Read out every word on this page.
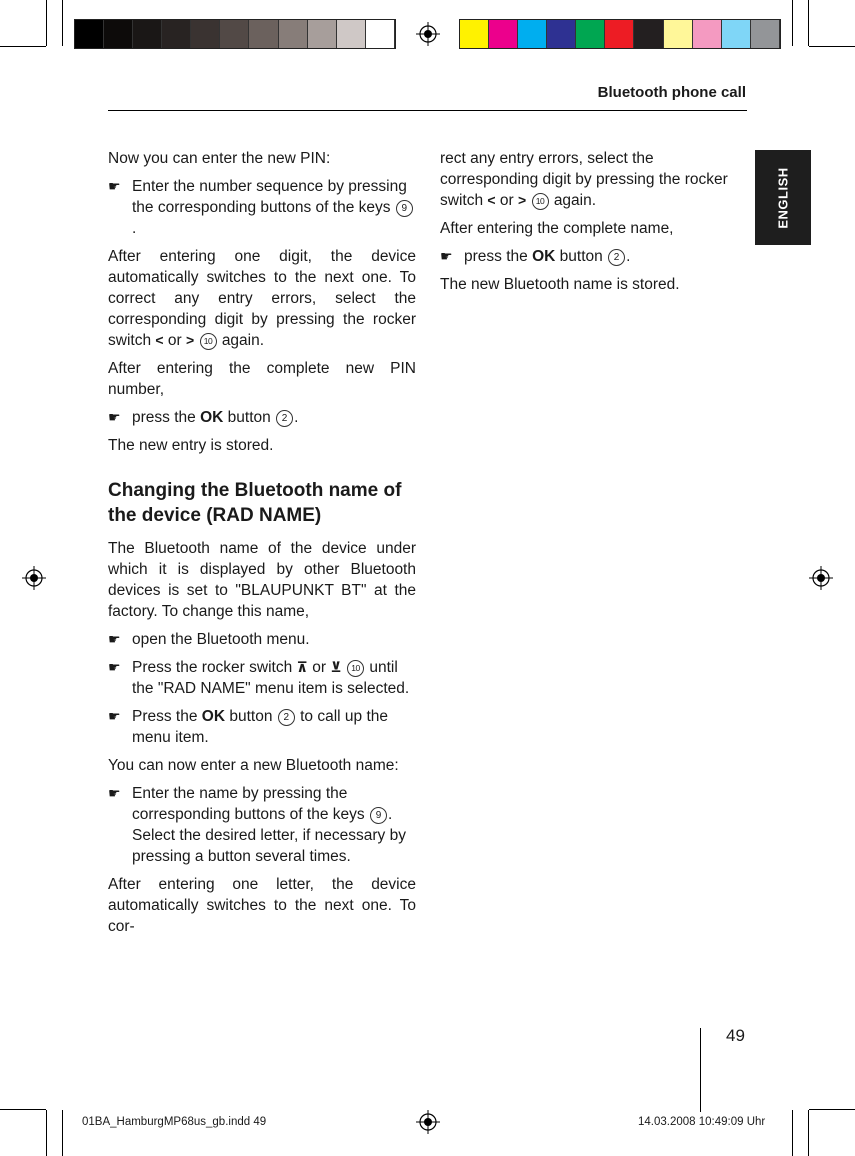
Bluetooth phone call
ENGLISH

Now you can enter the new PIN:

☛ Enter the number sequence by pressing the corresponding buttons of the keys 9.

After entering one digit, the device automatically switches to the next one. To correct any entry errors, select the corresponding digit by pressing the rocker switch < or > 10 again.

After entering the complete new PIN number,

☛ press the OK button 2 .

The new entry is stored.

Changing the Bluetooth name of the device (RAD NAME)

The Bluetooth name of the device under which it is displayed by other Bluetooth devices is set to "BLAUPUNKT BT" at the factory. To change this name,

☛ open the Bluetooth menu.
☛ Press the rocker switch ⊼ or ⊻ 10 until the "RAD NAME" menu item is selected.
☛ Press the OK button 2 to call up the menu item.

You can now enter a new Bluetooth name:

☛ Enter the name by pressing the corresponding buttons of the keys 9 . Select the desired letter, if necessary by pressing a button several times.

After entering one letter, the device automatically switches to the next one. To cor-

rect any entry errors, select the corresponding digit by pressing the rocker switch < or > 10 again.

After entering the complete name,

☛ press the OK button 2 .

The new Bluetooth name is stored.

49
01BA_HamburgMP68us_gb.indd 49	14.03.2008 10:49:09 Uhr
